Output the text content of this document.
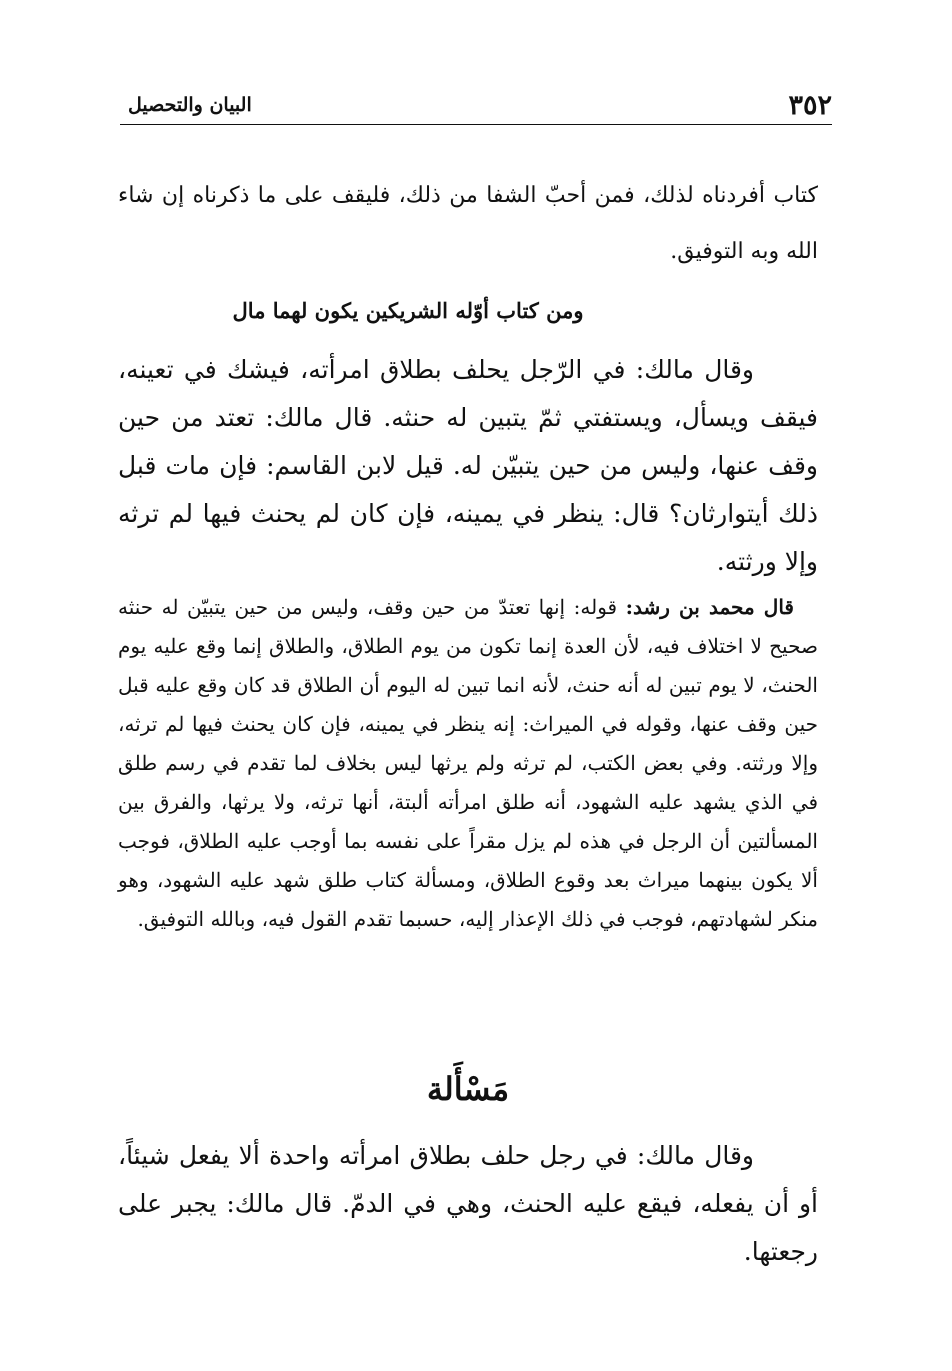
٣٥٢
البيان والتحصيل

كتاب أفردناه لذلك، فمن أحبّ الشفا من ذلك، فليقف على ما ذكرناه إن شاء الله وبه التوفيق.

ومن كتاب أوّله الشريكين يكون لهما مال

وقال مالك: في الرّجل يحلف بطلاق امرأته، فيشك في تعينه، فيقف ويسأل، ويستفتي ثمّ يتبين له حنثه. قال مالك: تعتد من حين وقف عنها، وليس من حين يتبيّن له. قيل لابن القاسم: فإن مات قبل ذلك أيتوارثان؟ قال: ينظر في يمينه، فإن كان لم يحنث فيها لم ترثه وإلا ورثته.

قال محمد بن رشد: قوله: إنها تعتدّ من حين وقف، وليس من حين يتبيّن له حنثه صحيح لا اختلاف فيه، لأن العدة إنما تكون من يوم الطلاق، والطلاق إنما وقع عليه يوم الحنث، لا يوم تبين له أنه حنث، لأنه انما تبين له اليوم أن الطلاق قد كان وقع عليه قبل حين وقف عنها، وقوله في الميراث: إنه ينظر في يمينه، فإن كان يحنث فيها لم ترثه، وإلا ورثته. وفي بعض الكتب، لم ترثه ولم يرثها ليس بخلاف لما تقدم في رسم طلق في الذي يشهد عليه الشهود، أنه طلق امرأته ألبتة، أنها ترثه، ولا يرثها، والفرق بين المسألتين أن الرجل في هذه لم يزل مقراً على نفسه بما أوجب عليه الطلاق، فوجب ألا يكون بينهما ميراث بعد وقوع الطلاق، ومسألة كتاب طلق شهد عليه الشهود، وهو منكر لشهادتهم، فوجب في ذلك الإعذار إليه، حسبما تقدم القول فيه، وبالله التوفيق.

مَسْأَلة

وقال مالك: في رجل حلف بطلاق امرأته واحدة ألا يفعل شيئاً، أو أن يفعله، فيقع عليه الحنث، وهي في الدمّ. قال مالك: يجبر على رجعتها.
